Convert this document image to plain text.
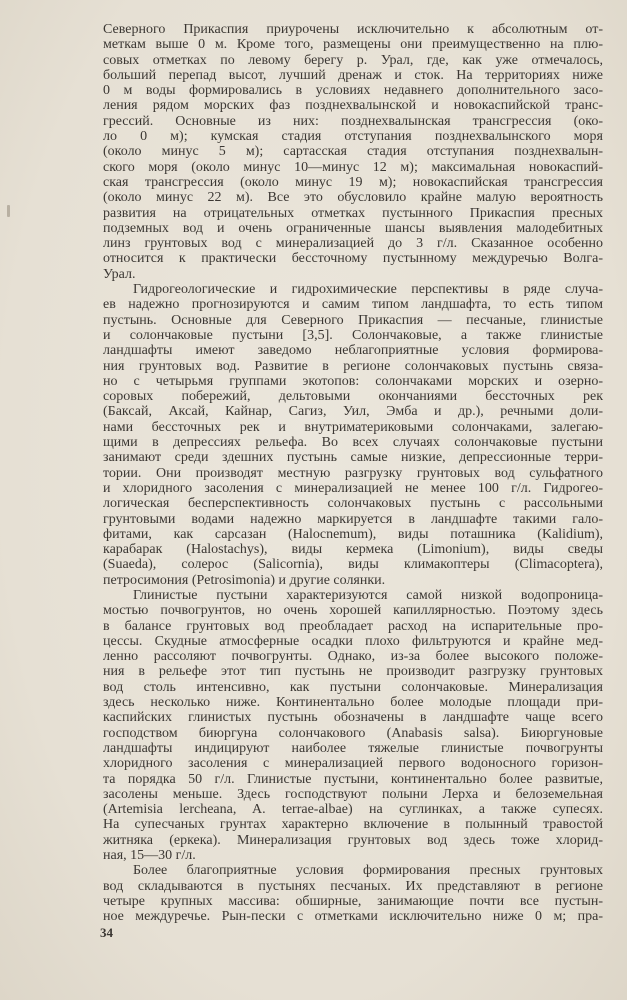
Северного Прикаспия приурочены исключительно к абсолютным от-
меткам выше 0 м. Кроме того, размещены они преимущественно на плю-
совых отметках по левому берегу р. Урал, где, как уже отмечалось,
больший перепад высот, лучший дренаж и сток. На территориях ниже
0 м воды формировались в условиях недавнего дополнительного засо-
ления рядом морских фаз позднехвалынской и новокаспийской транс-
грессий. Основные из них: позднехвалынская трансгрессия (око-
ло 0 м); кумская стадия отступания позднехвалынского моря
(около минус 5 м); сартасская стадия отступания позднехвалын-
ского моря (около минус 10—минус 12 м); максимальная новокаспий-
ская трансгрессия (около минус 19 м); новокаспийская трансгрессия
(около минус 22 м). Все это обусловило крайне малую вероятность
развития на отрицательных отметках пустынного Прикаспия пресных
подземных вод и очень ограниченные шансы выявления малодебитных
линз грунтовых вод с минерализацией до 3 г/л. Сказанное особенно
относится к практически бессточному пустынному междуречью Волга-
Урал.
Гидрогеологические и гидрохимические перспективы в ряде случа-
ев надежно прогнозируются и самим типом ландшафта, то есть типом
пустынь. Основные для Северного Прикаспия — песчаные, глинистые
и солончаковые пустыни [3,5]. Солончаковые, а также глинистые
ландшафты имеют заведомо неблагоприятные условия формирова-
ния грунтовых вод. Развитие в регионе солончаковых пустынь связа-
но с четырьмя группами экотопов: солончаками морских и озерно-
соровых побережий, дельтовыми окончаниями бессточных рек
(Баксай, Аксай, Кайнар, Сагиз, Уил, Эмба и др.), речными доли-
нами бессточных рек и внутриматериковыми солончаками, залегаю-
щими в депрессиях рельефа. Во всех случаях солончаковые пустыни
занимают среди здешних пустынь самые низкие, депрессионные терри-
тории. Они производят местную разгрузку грунтовых вод сульфатного
и хлоридного засоления с минерализацией не менее 100 г/л. Гидрогео-
логическая бесперспективность солончаковых пустынь с рассольными
грунтовыми водами надежно маркируется в ландшафте такими гало-
фитами, как сарсазан (Halocnemum), виды поташника (Kalidium),
карабарак (Halostachys), виды кермека (Limonium), виды сведы
(Suaeda), солерос (Salicornia), виды климакоптеры (Climacoptera),
петросимония (Petrosimonia) и другие солянки.
Глинистые пустыни характеризуются самой низкой водопроница-
мостью почвогрунтов, но очень хорошей капиллярностью. Поэтому здесь
в балансе грунтовых вод преобладает расход на испарительные про-
цессы. Скудные атмосферные осадки плохо фильтруются и крайне мед-
ленно рассоляют почвогрунты. Однако, из-за более высокого положе-
ния в рельефе этот тип пустынь не производит разгрузку грунтовых
вод столь интенсивно, как пустыни солончаковые. Минерализация
здесь несколько ниже. Континентально более молодые площади при-
каспийских глинистых пустынь обозначены в ландшафте чаще всего
господством биюргуна солончакового (Anabasis salsa). Биюргуновые
ландшафты индицируют наиболее тяжелые глинистые почвогрунты
хлоридного засоления с минерализацией первого водоносного горизон-
та порядка 50 г/л. Глинистые пустыни, континентально более развитые,
засолены меньше. Здесь господствуют полыни Лерха и белоземельная
(Artemisia lercheana, A. terrae-albae) на суглинках, а также супесях.
На супесчаных грунтах характерно включение в полынный травостой
житняка (еркека). Минерализация грунтовых вод здесь тоже хлорид-
ная, 15—30 г/л.
Более благоприятные условия формирования пресных грунтовых
вод складываются в пустынях песчаных. Их представляют в регионе
четыре крупных массива: обширные, занимающие почти все пустын-
ное междуречье. Рын-пески с отметками исключительно ниже 0 м; пра-
34
